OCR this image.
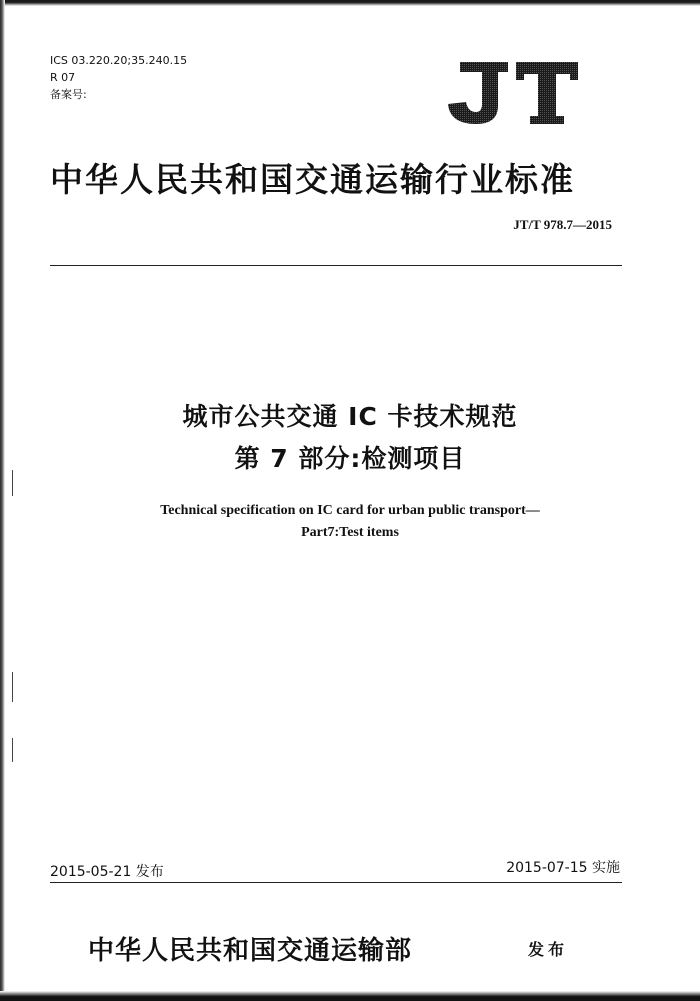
ICS 03.220.20;35.240.15
R 07
备案号:
中华人民共和国交通运输行业标准
JT/T 978.7—2015
城市公共交通 IC 卡技术规范
第 7 部分:检测项目
Technical specification on IC card for urban public transport—
Part7:Test items
2015-05-21 发布	2015-07-15 实施
中华人民共和国交通运输部	发布
